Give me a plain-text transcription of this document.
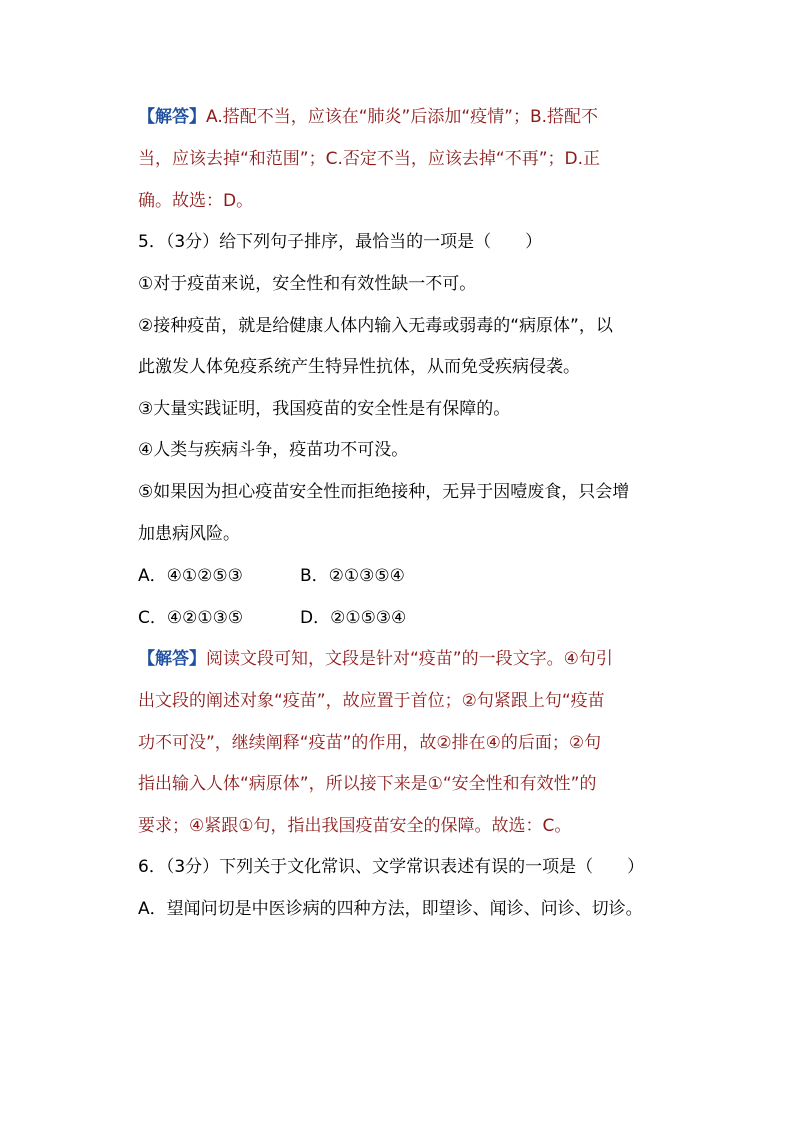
【解答】A.搭配不当，应该在“肺炎”后添加“疫情”；B.搭配不
当，应该去掉“和范围”；C.否定不当，应该去掉“不再”；D.正
确。故选：D。
5．（3分）给下列句子排序，最恰当的一项是（　　）
①对于疫苗来说，安全性和有效性缺一不可。
②接种疫苗，就是给健康人体内输入无毒或弱毒的“病原体”，以
此激发人体免疫系统产生特异性抗体，从而免受疾病侵袭。
③大量实践证明，我国疫苗的安全性是有保障的。
④人类与疾病斗争，疫苗功不可没。
⑤如果因为担心疫苗安全性而拒绝接种，无异于因噎废食，只会增
加患病风险。
A．④①②⑤③	B．②①③⑤④
C．④②①③⑤	D．②①⑤③④
【解答】阅读文段可知，文段是针对“疫苗”的一段文字。④句引
出文段的阐述对象“疫苗”，故应置于首位；②句紧跟上句“疫苗
功不可没”，继续阐释“疫苗”的作用，故②排在④的后面；②句
指出输入人体“病原体”，所以接下来是①“安全性和有效性”的
要求；④紧跟①句，指出我国疫苗安全的保障。故选：C。
6．（3分）下列关于文化常识、文学常识表述有误的一项是（　　）
A．望闻问切是中医诊病的四种方法，即望诊、闻诊、问诊、切诊。
